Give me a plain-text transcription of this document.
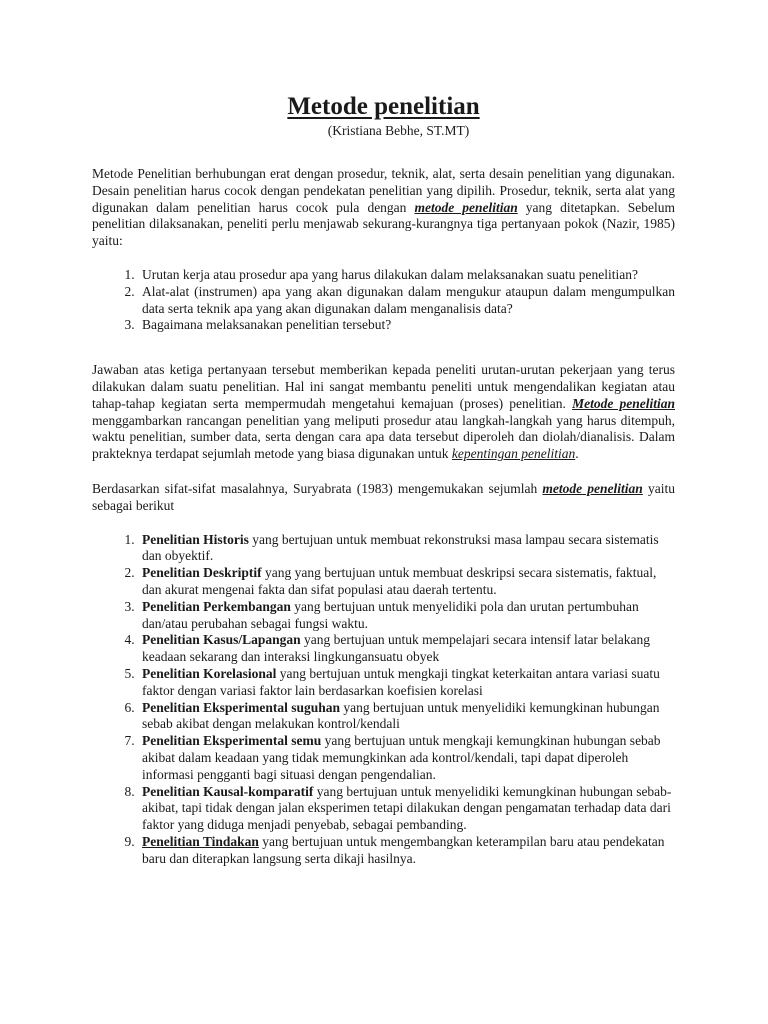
Metode penelitian
(Kristiana Bebhe, ST.MT)

Metode Penelitian berhubungan erat dengan prosedur, teknik, alat, serta desain penelitian yang digunakan. Desain penelitian harus cocok dengan pendekatan penelitian yang dipilih. Prosedur, teknik, serta alat yang digunakan dalam penelitian harus cocok pula dengan metode penelitian yang ditetapkan. Sebelum penelitian dilaksanakan, peneliti perlu menjawab sekurang-kurangnya tiga pertanyaan pokok (Nazir, 1985) yaitu:

1. Urutan kerja atau prosedur apa yang harus dilakukan dalam melaksanakan suatu penelitian?
2. Alat-alat (instrumen) apa yang akan digunakan dalam mengukur ataupun dalam mengumpulkan data serta teknik apa yang akan digunakan dalam menganalisis data?
3. Bagaimana melaksanakan penelitian tersebut?

Jawaban atas ketiga pertanyaan tersebut memberikan kepada peneliti urutan-urutan pekerjaan yang terus dilakukan dalam suatu penelitian. Hal ini sangat membantu peneliti untuk mengendalikan kegiatan atau tahap-tahap kegiatan serta mempermudah mengetahui kemajuan (proses) penelitian. Metode penelitian menggambarkan rancangan penelitian yang meliputi prosedur atau langkah-langkah yang harus ditempuh, waktu penelitian, sumber data, serta dengan cara apa data tersebut diperoleh dan diolah/dianalisis. Dalam prakteknya terdapat sejumlah metode yang biasa digunakan untuk kepentingan penelitian.

Berdasarkan sifat-sifat masalahnya, Suryabrata (1983) mengemukakan sejumlah metode penelitian yaitu sebagai berikut

1. Penelitian Historis yang bertujuan untuk membuat rekonstruksi masa lampau secara sistematis dan obyektif.
2. Penelitian Deskriptif yang yang bertujuan untuk membuat deskripsi secara sistematis, faktual, dan akurat mengenai fakta dan sifat populasi atau daerah tertentu.
3. Penelitian Perkembangan yang bertujuan untuk menyelidiki pola dan urutan pertumbuhan dan/atau perubahan sebagai fungsi waktu.
4. Penelitian Kasus/Lapangan yang bertujuan untuk mempelajari secara intensif latar belakang keadaan sekarang dan interaksi lingkungansuatu obyek
5. Penelitian Korelasional yang bertujuan untuk mengkaji tingkat keterkaitan antara variasi suatu faktor dengan variasi faktor lain berdasarkan koefisien korelasi
6. Penelitian Eksperimental suguhan yang bertujuan untuk menyelidiki kemungkinan hubungan sebab akibat dengan melakukan kontrol/kendali
7. Penelitian Eksperimental semu yang bertujuan untuk mengkaji kemungkinan hubungan sebab akibat dalam keadaan yang tidak memungkinkan ada kontrol/kendali, tapi dapat diperoleh informasi pengganti bagi situasi dengan pengendalian.
8. Penelitian Kausal-komparatif yang bertujuan untuk menyelidiki kemungkinan hubungan sebab-akibat, tapi tidak dengan jalan eksperimen tetapi dilakukan dengan pengamatan terhadap data dari faktor yang diduga menjadi penyebab, sebagai pembanding.
9. Penelitian Tindakan yang bertujuan untuk mengembangkan keterampilan baru atau pendekatan baru dan diterapkan langsung serta dikaji hasilnya.
